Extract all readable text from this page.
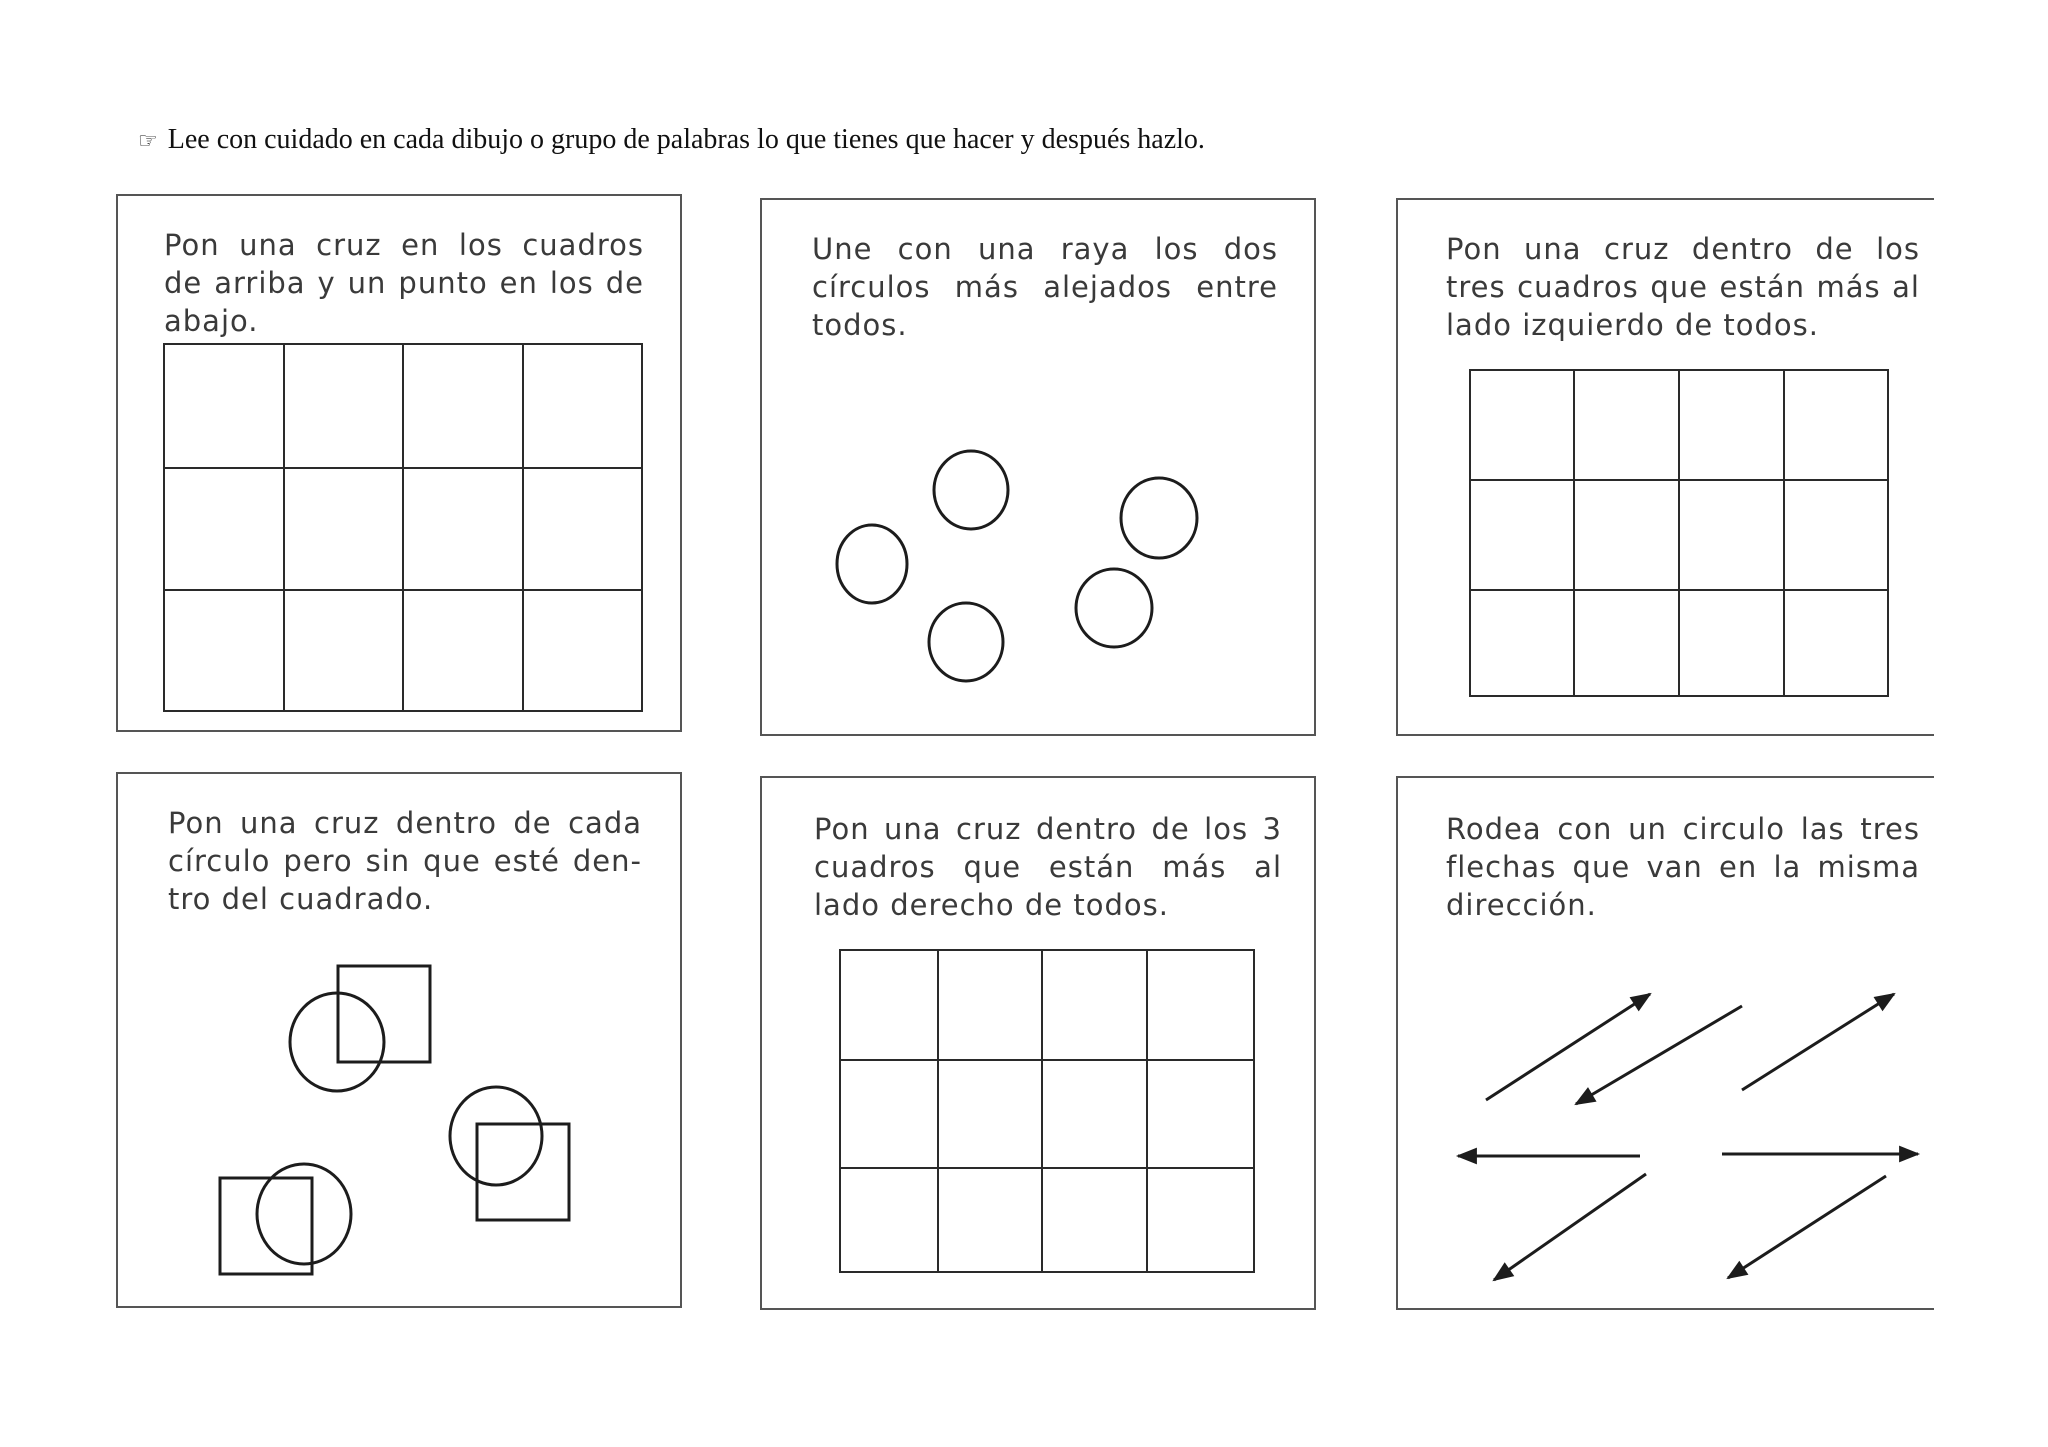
☞ Lee con cuidado en cada dibujo o grupo de palabras lo que tienes que hacer y después hazlo.
Pon una cruz en los cuadros de arriba y un punto en los de abajo.
Une con una raya los dos círculos más alejados entre todos.
Pon una cruz dentro de los tres cuadros que están más al lado izquierdo de todos.
Pon una cruz dentro de cada círculo pero sin que esté den-tro del cuadrado.
Pon una cruz dentro de los 3 cuadros que están más al lado derecho de todos.
Rodea con un circulo las tres flechas que van en la misma dirección.
